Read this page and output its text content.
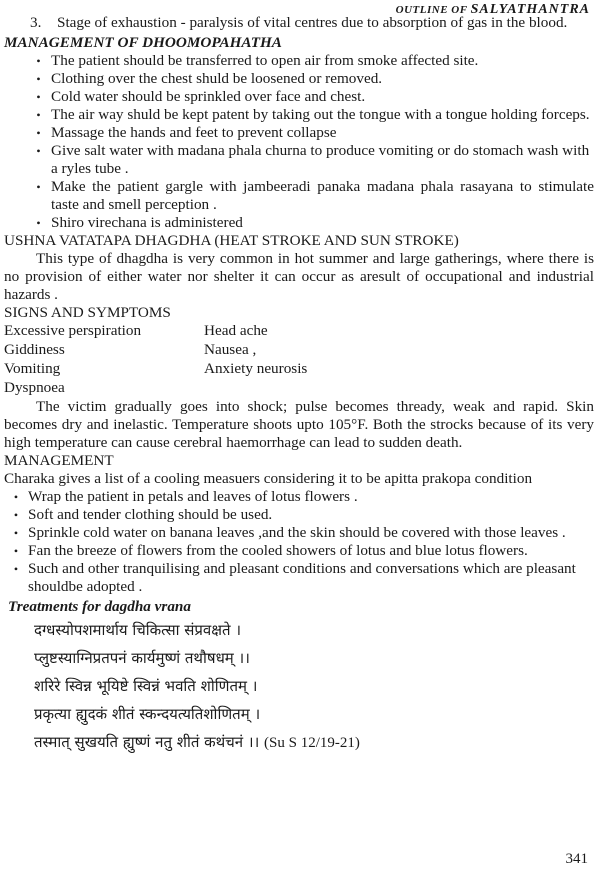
OUTLINE OF SALYATHANTRA
3.	Stage of exhaustion - paralysis of vital centres due to absorption of gas in the blood.
MANAGEMENT OF DHOOMOPAHATHA
• The patient should be transferred to open air from smoke affected site.
• Clothing over the chest shuld be loosened or removed.
• Cold water should be sprinkled over face and chest.
• The air way shuld be kept patent by taking out the tongue with a tongue holding forceps.
• Massage the hands and feet to prevent collapse
• Give salt water with madana phala churna to produce vomiting or do stomach wash with a ryles tube .
• Make the patient gargle with jambeeradi panaka madana phala rasayana to stimulate taste and smell perception .
• Shiro virechana is administered
USHNA VATATAPA DHAGDHA (HEAT STROKE AND SUN STROKE)
This type of dhagdha is very common in hot summer and large gatherings, where there is no provision of either water nor shelter it can occur as aresult of occupational and industrial hazards .
SIGNS AND SYMPTOMS
Excessive perspiration	Head ache
Giddiness	Nausea ,
Vomiting	Anxiety neurosis
Dyspnoea	
The victim gradually goes into shock; pulse becomes thready, weak and rapid. Skin becomes dry and inelastic. Temperature shoots upto 105°F. Both the strocks because of its very high temperature can cause cerebral haemorrhage can lead to sudden death.
MANAGEMENT
Charaka gives a list of a cooling measuers considering it to be apitta prakopa condition
• Wrap the patient in petals and leaves of lotus flowers .
• Soft and tender clothing should be used.
• Sprinkle cold water on banana leaves ,and the skin should be covered with those leaves .
• Fan the breeze of flowers from the cooled showers of lotus and blue lotus flowers.
• Such and other tranquilising and pleasant conditions and conversations which are pleasant shouldbe adopted .
Treatments for dagdha vrana
दग्धस्योपशमार्थाय चिकित्सा संप्रवक्षते ।
प्लुष्टस्याग्निप्रतपनं कार्यमुष्णं तथौषधम् ।।
शरिरे स्विन्न भूयिष्टे स्विन्नं भवति शोणितम् ।
प्रकृत्या ह्युदकं शीतं स्कन्दयत्यतिशोणितम् ।
तस्मात् सुखयति ह्युष्णं नतु शीतं कथंचनं ।। (Su S 12/19-21)
341
